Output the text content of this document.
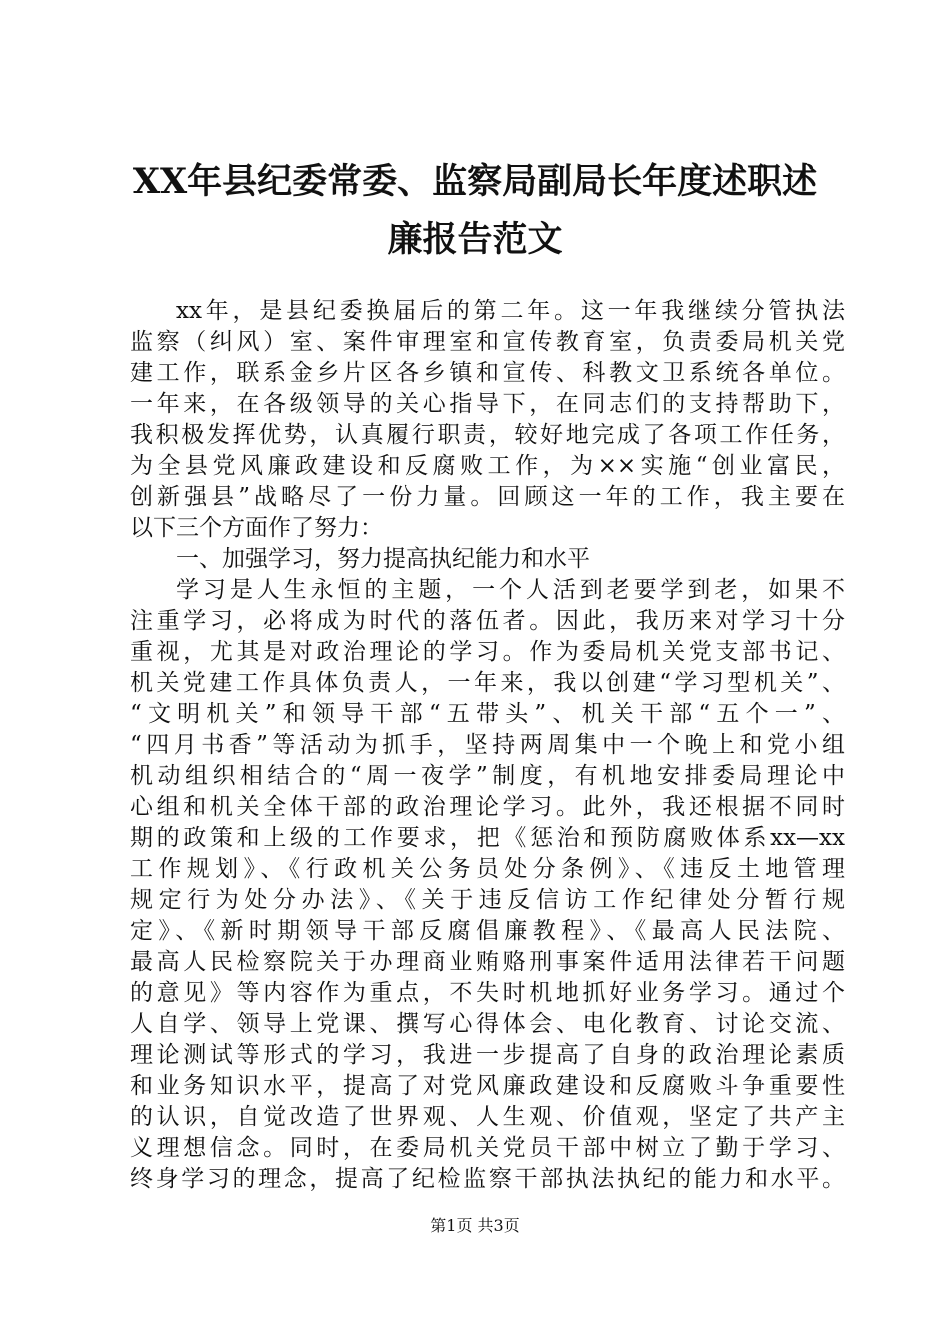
XX年县纪委常委、监察局副局长年度述职述
廉报告范文
xx年，是县纪委换届后的第二年。这一年我继续分管执法
监察（纠风）室、案件审理室和宣传教育室，负责委局机关党
建工作，联系金乡片区各乡镇和宣传、科教文卫系统各单位。
一年来，在各级领导的关心指导下，在同志们的支持帮助下，
我积极发挥优势，认真履行职责，较好地完成了各项工作任务，
为全县党风廉政建设和反腐败工作，为××实施“创业富民，
创新强县”战略尽了一份力量。回顾这一年的工作，我主要在
以下三个方面作了努力：
一、加强学习，努力提高执纪能力和水平
学习是人生永恒的主题，一个人活到老要学到老，如果不
注重学习，必将成为时代的落伍者。因此，我历来对学习十分
重视，尤其是对政治理论的学习。作为委局机关党支部书记、
机关党建工作具体负责人，一年来，我以创建“学习型机关”、
“文明机关”和领导干部“五带头”、机关干部“五个一”、
“四月书香”等活动为抓手，坚持两周集中一个晚上和党小组
机动组织相结合的“周一夜学”制度，有机地安排委局理论中
心组和机关全体干部的政治理论学习。此外，我还根据不同时
期的政策和上级的工作要求，把《惩治和预防腐败体系xx—xx
工作规划》、《行政机关公务员处分条例》、《违反土地管理
规定行为处分办法》、《关于违反信访工作纪律处分暂行规
定》、《新时期领导干部反腐倡廉教程》、《最高人民法院、
最高人民检察院关于办理商业贿赂刑事案件适用法律若干问题
的意见》等内容作为重点，不失时机地抓好业务学习。通过个
人自学、领导上党课、撰写心得体会、电化教育、讨论交流、
理论测试等形式的学习，我进一步提高了自身的政治理论素质
和业务知识水平，提高了对党风廉政建设和反腐败斗争重要性
的认识，自觉改造了世界观、人生观、价值观，坚定了共产主
义理想信念。同时，在委局机关党员干部中树立了勤于学习、
终身学习的理念，提高了纪检监察干部执法执纪的能力和水平。
第1页 共3页
